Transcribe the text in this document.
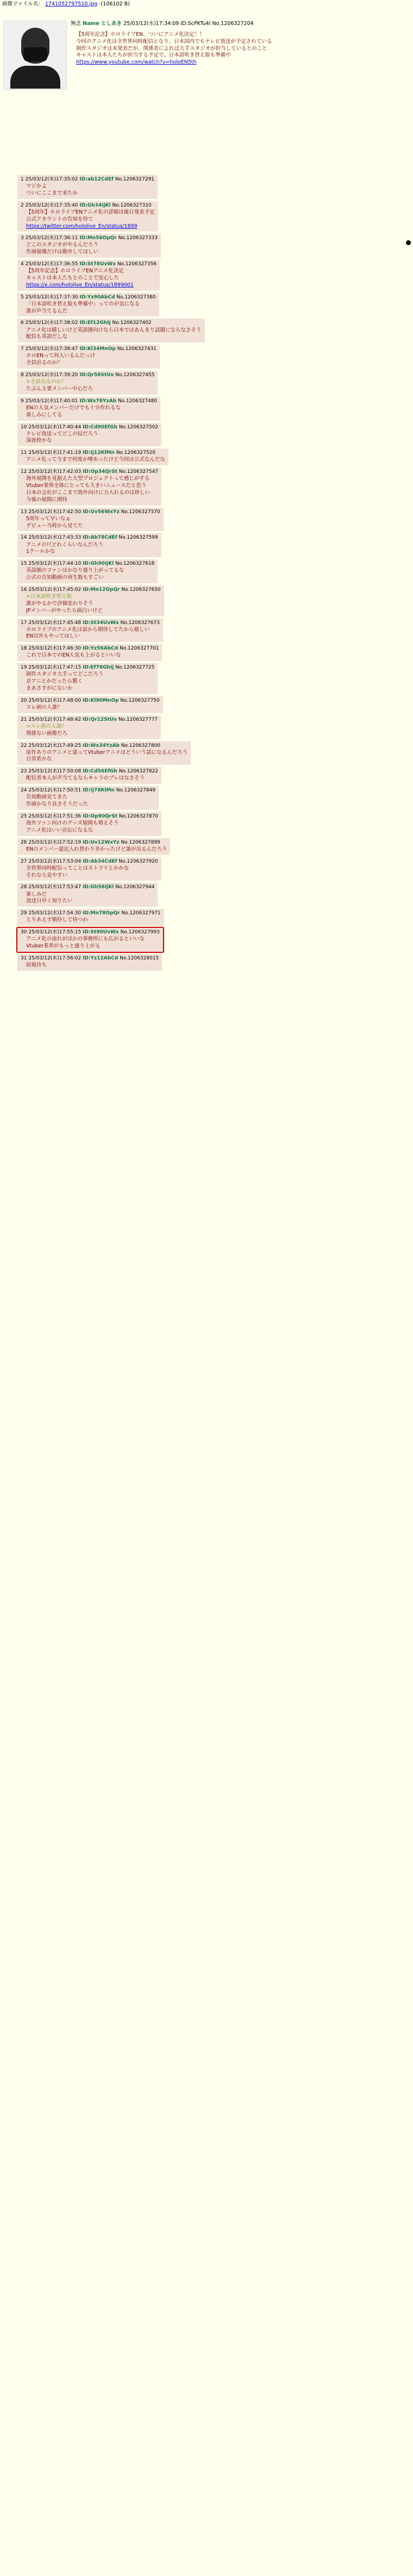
画像ファイル名： 1741052797510.jpg -(106102 B)
無念 Name としあき 25/03/12(水)17:34:09 ID:ScPKTu4I No.1206327204
【5周年記念】ホロライブEN、ついにアニメ化決定！！
今回のアニメ化は全世界同時配信となり、日本国内でもテレビ放送が予定されている
制作スタジオは未発表だが、関係者によれば大手スタジオが担当しているとのこと
キャストは本人たちが担当する予定で、日本語吹き替え版も準備中
https://www.youtube.com/watch?v=holoEN5th
1 25/03/12(水)17:35:02 ID:ab12CdEf No.1206327291
マジかよ
ついにここまで来たか
2 25/03/12(水)17:35:40 ID:Gh34IjKl No.1206327310
【5周年】ホロライブENアニメ化の詳細は後日発表予定
公式アカウントの告知を待て
https://twitter.com/hololive_En/status/1899
3 25/03/12(水)17:36:11 ID:Mn56OpQr No.1206327333
どこのスタジオがやるんだろう
作画崩壊だけは勘弁してほしい
4 25/03/12(水)17:36:55 ID:St78UvWx No.1206327356
【5周年記念】ホロライブENアニメ化決定
キャストは本人たちとのことで安心した
https://x.com/hololive_En/status/1899001
5 25/03/12(水)17:37:30 ID:Yz90AbCd No.1206327380
「日本語吹き替え版も準備中」ってのが気になる
誰が声当てるんだ
6 25/03/12(水)17:38:02 ID:Ef12GhIj No.1206327402
アニメ化は嬉しいけど英語圏向けなら日本ではあんまり話題にならなさそう
配信も英語だしな
7 25/03/12(水)17:38:47 ID:Kl34MnOp No.1206327431
ホロENって何人いるんだっけ
全員出るのか？
8 25/03/12(水)17:39:20 ID:Qr56StUv No.1206327455
>全員出るのか？
たぶん主要メンバー中心だろ
9 25/03/12(水)17:40:01 ID:Wx78YzAb No.1206327480
ENの人気メンバーだけでも十分作れるな
楽しみにしてる
10 25/03/12(水)17:40:44 ID:Cd90EfGh No.1206327502
テレビ放送ってどこの局だろう
深夜枠かな
11 25/03/12(水)17:41:19 ID:Ij12KlMn No.1206327520
アニメ化って今まで何度か噂あったけど今回は公式なんだな
12 25/03/12(水)17:42:03 ID:Op34QrSt No.1206327547
海外展開を見据えた大型プロジェクトって感じがする
Vtuber業界全体にとっても大きいニュースだと思う
日本の会社がここまで海外向けに力入れるのは珍しい
今後の展開に期待
13 25/03/12(水)17:42:50 ID:Uv56WxYz No.1206327570
5周年って早いなぁ
デビュー当時から見てた
14 25/03/12(水)17:43:33 ID:Ab78CdEf No.1206327599
アニメの尺どれくらいなんだろう
1クールかな
15 25/03/12(水)17:44:10 ID:Gh90IjKl No.1206327618
英語圏のファンはかなり盛り上がってるな
公式の告知動画の再生数もすごい
16 25/03/12(水)17:45:02 ID:Mn12OpQr No.1206327650
>日本語吹き替え版
誰がやるかで評価変わりそう
JPメンバーがやったら面白いけど
17 25/03/12(水)17:45:48 ID:St34UvWx No.1206327673
ホロライブのアニメ化は前から期待してたから嬉しい
EN以外もやってほしい
18 25/03/12(水)17:46:30 ID:Yz56AbCd No.1206327701
これで日本でのEN人気も上がるといいな
19 25/03/12(水)17:47:15 ID:Ef78GhIj No.1206327725
制作スタジオ大手ってどこだろう
京アニとかだったら驚く
まあさすがにないか
20 25/03/12(水)17:48:00 ID:Kl90MnOp No.1206327750
スレ画の人誰？
21 25/03/12(水)17:48:42 ID:Qr12StUv No.1206327777
>スレ画の人誰？
関係ない画像だろ
22 25/03/12(水)17:49:25 ID:Wx34YzAb No.1206327800
原作ありのアニメと違ってVtuberアニメはどういう話になるんだろう
日常系かな
23 25/03/12(水)17:50:08 ID:Cd56EfGh No.1206327822
配信者本人が声当てるならキャラのブレはなさそう
24 25/03/12(水)17:50:51 ID:Ij78KlMn No.1206327849
告知動画見てきた
作画かなり良さそうだった
25 25/03/12(水)17:51:36 ID:Op90QrSt No.1206327870
海外ファン向けのグッズ展開も増えそう
アニメ化はいい宣伝になるな
26 25/03/12(水)17:52:19 ID:Uv12WxYz No.1206327899
ENのメンバー最近入れ替わり多かったけど誰が出るんだろう
27 25/03/12(水)17:53:04 ID:Ab34CdEf No.1206327920
全世界同時配信ってことはネトフリとかかな
それなら見やすい
28 25/03/12(水)17:53:47 ID:Gh56IjKl No.1206327944
楽しみだ
放送日早く知りたい
29 25/03/12(水)17:54:30 ID:Mn78OpQr No.1206327971
とりあえず期待して待つわ
30 25/03/12(水)17:55:15 ID:St90UvWx No.1206327993
アニメ化の流れがほかの事務所にも広がるといいな
Vtuber業界がもっと盛り上がる
31 25/03/12(水)17:56:02 ID:Yz12AbCd No.1206328015
続報待ち
